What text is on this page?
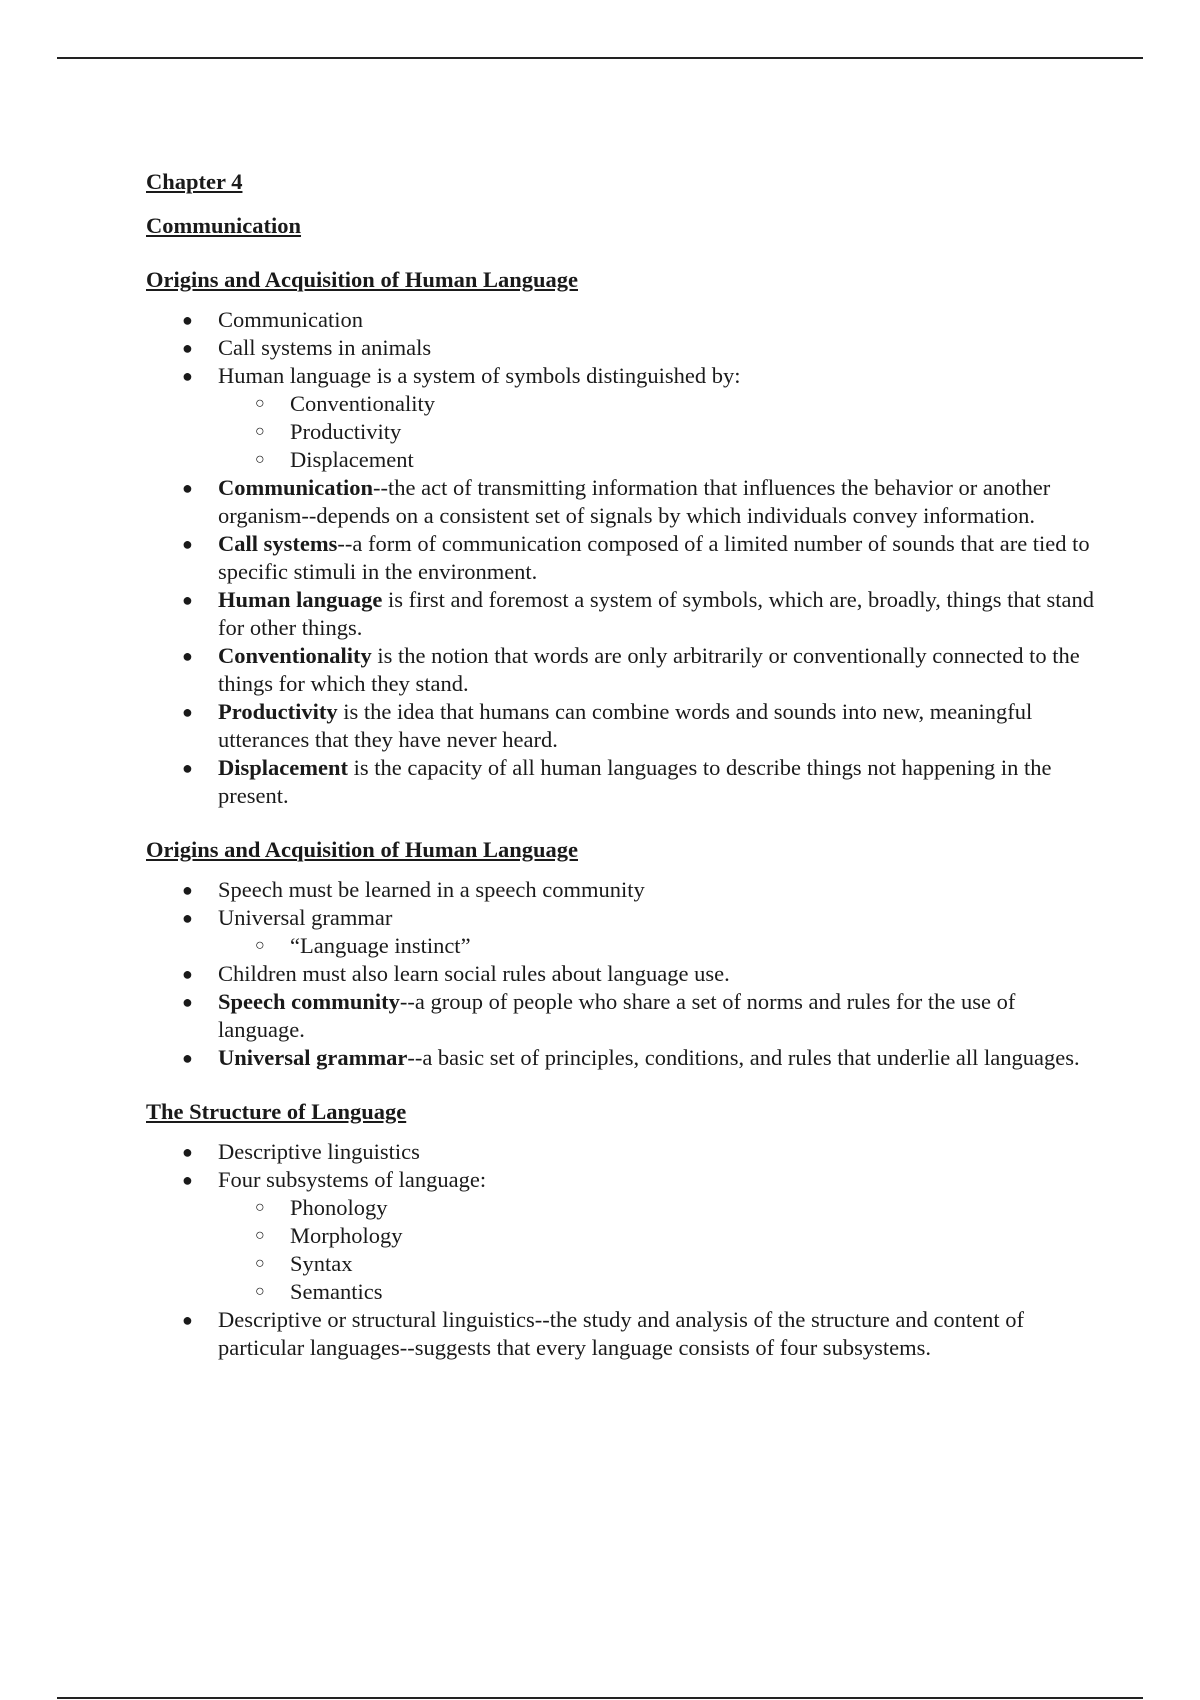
Chapter 4

Communication

Origins and Acquisition of Human Language

● Communication
● Call systems in animals
● Human language is a system of symbols distinguished by:
○ Conventionality
○ Productivity
○ Displacement
● Communication--the act of transmitting information that influences the behavior or another organism--depends on a consistent set of signals by which individuals convey information.
● Call systems--a form of communication composed of a limited number of sounds that are tied to specific stimuli in the environment.
● Human language is first and foremost a system of symbols, which are, broadly, things that stand for other things.
● Conventionality is the notion that words are only arbitrarily or conventionally connected to the things for which they stand.
● Productivity is the idea that humans can combine words and sounds into new, meaningful utterances that they have never heard.
● Displacement is the capacity of all human languages to describe things not happening in the present.

Origins and Acquisition of Human Language

● Speech must be learned in a speech community
● Universal grammar
○ “Language instinct”
● Children must also learn social rules about language use.
● Speech community--a group of people who share a set of norms and rules for the use of language.
● Universal grammar--a basic set of principles, conditions, and rules that underlie all languages.

The Structure of Language

● Descriptive linguistics
● Four subsystems of language:
○ Phonology
○ Morphology
○ Syntax
○ Semantics
● Descriptive or structural linguistics--the study and analysis of the structure and content of particular languages--suggests that every language consists of four subsystems.
